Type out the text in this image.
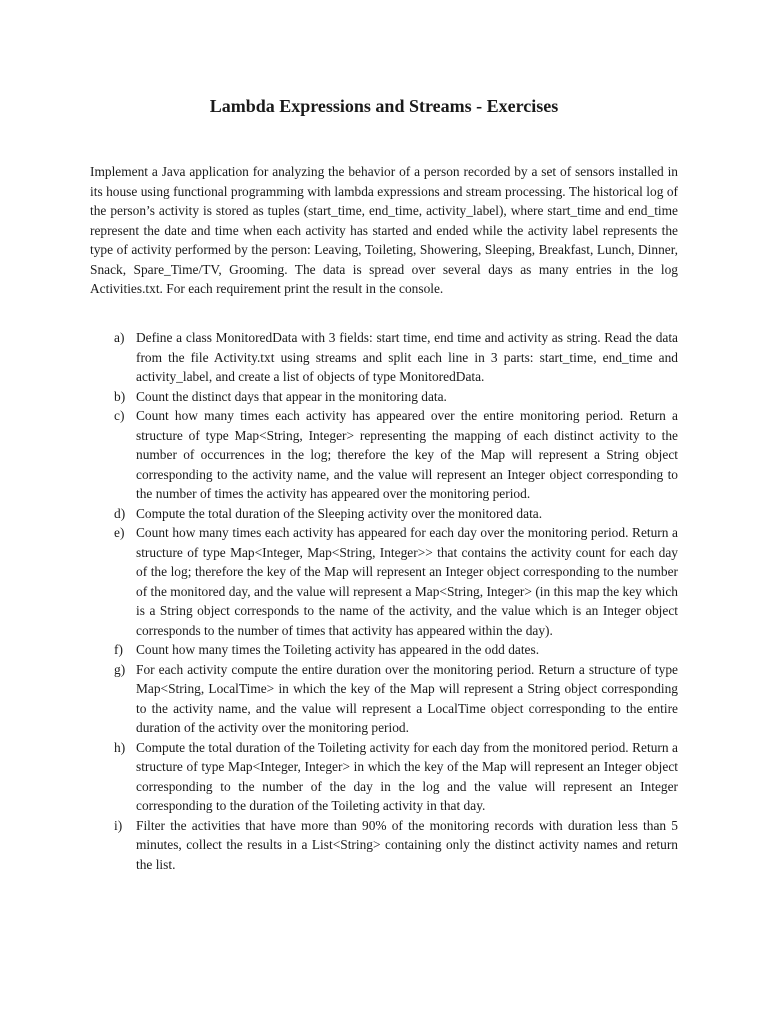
Lambda Expressions and Streams - Exercises

Implement a Java application for analyzing the behavior of a person recorded by a set of sensors installed in its house using functional programming with lambda expressions and stream processing. The historical log of the person’s activity is stored as tuples (start_time, end_time, activity_label), where start_time and end_time represent the date and time when each activity has started and ended while the activity label represents the type of activity performed by the person: Leaving, Toileting, Showering, Sleeping, Breakfast, Lunch, Dinner, Snack, Spare_Time/TV, Grooming. The data is spread over several days as many entries in the log Activities.txt. For each requirement print the result in the console.

a) Define a class MonitoredData with 3 fields: start time, end time and activity as string. Read the data from the file Activity.txt using streams and split each line in 3 parts: start_time, end_time and activity_label, and create a list of objects of type MonitoredData.
b) Count the distinct days that appear in the monitoring data.
c) Count how many times each activity has appeared over the entire monitoring period. Return a structure of type Map<String, Integer> representing the mapping of each distinct activity to the number of occurrences in the log; therefore the key of the Map will represent a String object corresponding to the activity name, and the value will represent an Integer object corresponding to the number of times the activity has appeared over the monitoring period.
d) Compute the total duration of the Sleeping activity over the monitored data.
e) Count how many times each activity has appeared for each day over the monitoring period. Return a structure of type Map<Integer, Map<String, Integer>> that contains the activity count for each day of the log; therefore the key of the Map will represent an Integer object corresponding to the number of the monitored day, and the value will represent a Map<String, Integer> (in this map the key which is a String object corresponds to the name of the activity, and the value which is an Integer object corresponds to the number of times that activity has appeared within the day).
f) Count how many times the Toileting activity has appeared in the odd dates.
g) For each activity compute the entire duration over the monitoring period. Return a structure of type Map<String, LocalTime> in which the key of the Map will represent a String object corresponding to the activity name, and the value will represent a LocalTime object corresponding to the entire duration of the activity over the monitoring period.
h) Compute the total duration of the Toileting activity for each day from the monitored period. Return a structure of type Map<Integer, Integer> in which the key of the Map will represent an Integer object corresponding to the number of the day in the log and the value will represent an Integer corresponding to the duration of the Toileting activity in that day.
i)	Filter the activities that have more than 90% of the monitoring records with duration less than 5 minutes, collect the results in a List<String> containing only the distinct activity names and return the list.
